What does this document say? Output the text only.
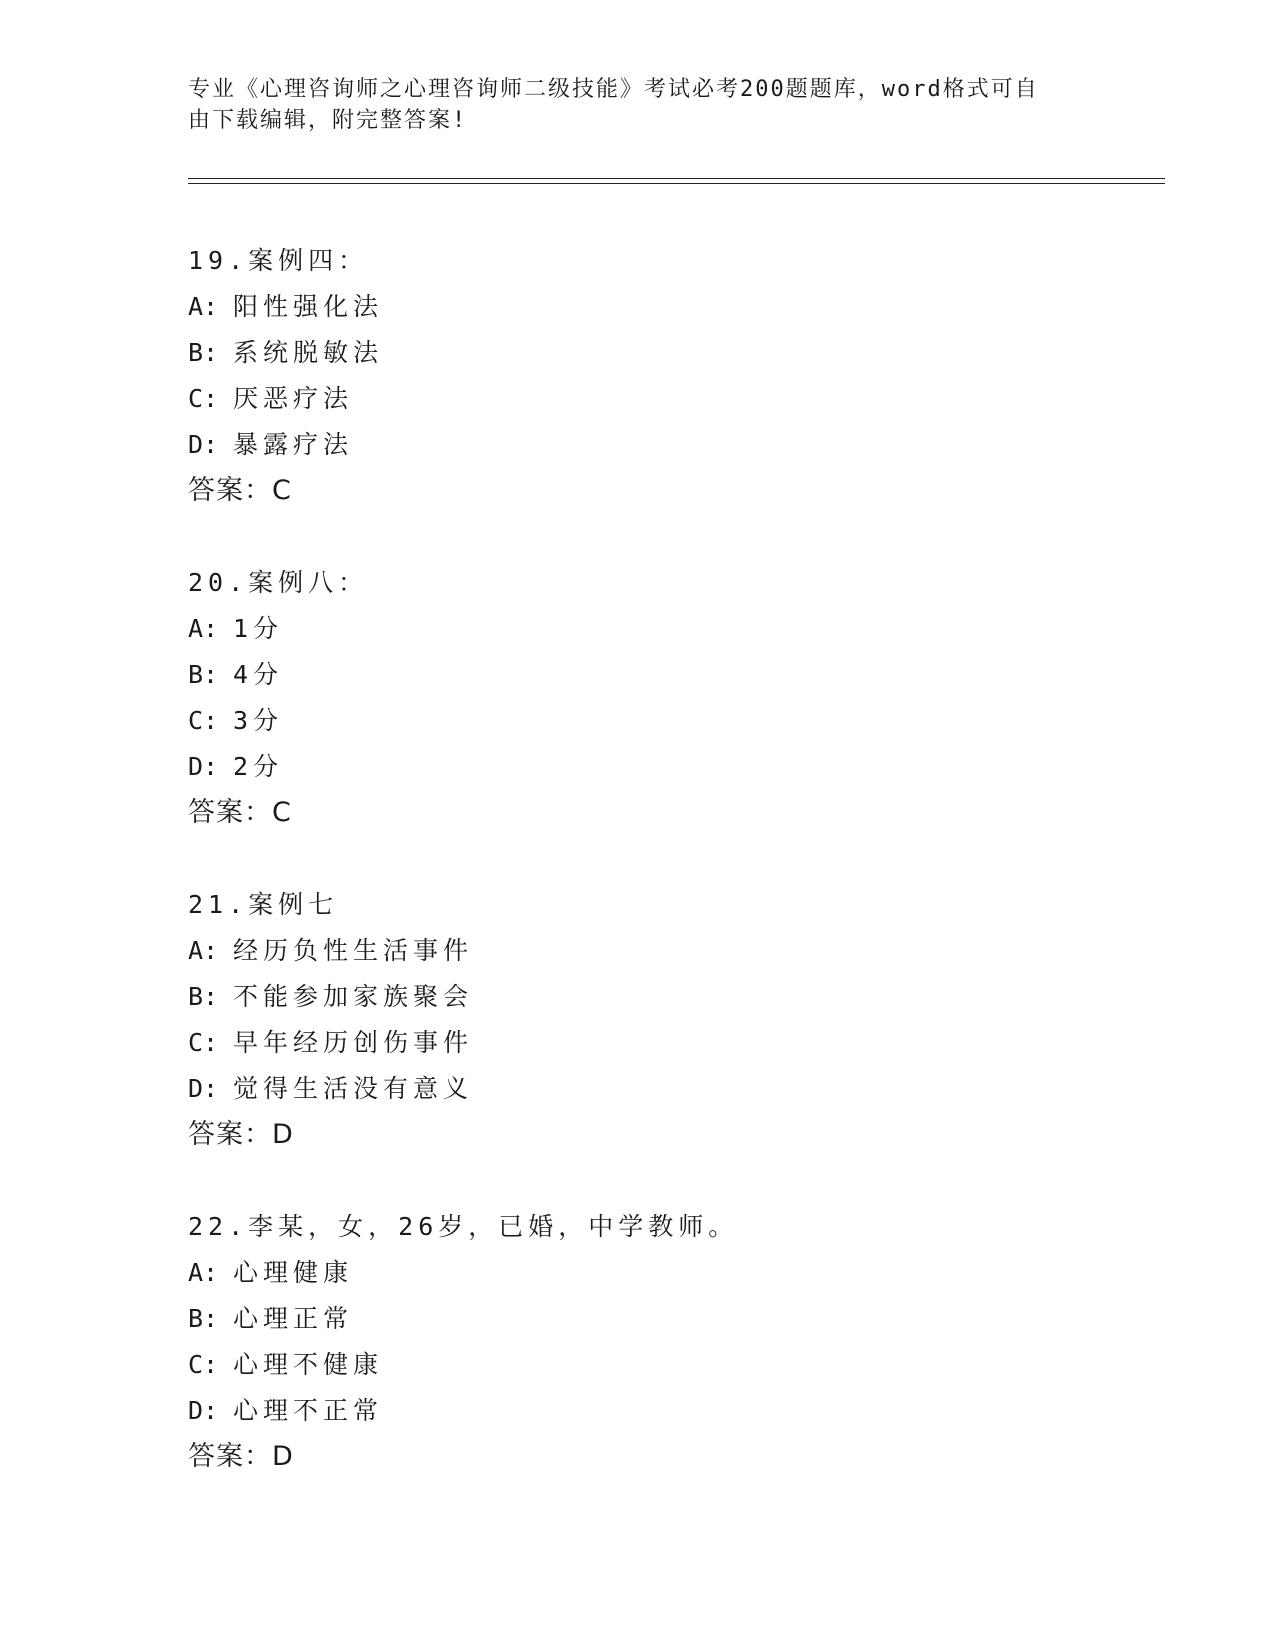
专业《心理咨询师之心理咨询师二级技能》考试必考200题题库，word格式可自
由下载编辑，附完整答案!
19.案例四：
A: 阳性强化法
B: 系统脱敏法
C: 厌恶疗法
D: 暴露疗法
答案：C
20.案例八：
A: 1分
B: 4分
C: 3分
D: 2分
答案：C
21.案例七
A: 经历负性生活事件
B: 不能参加家族聚会
C: 早年经历创伤事件
D: 觉得生活没有意义
答案：D
22.李某，女，26岁，已婚，中学教师。
A: 心理健康
B: 心理正常
C: 心理不健康
D: 心理不正常
答案：D
